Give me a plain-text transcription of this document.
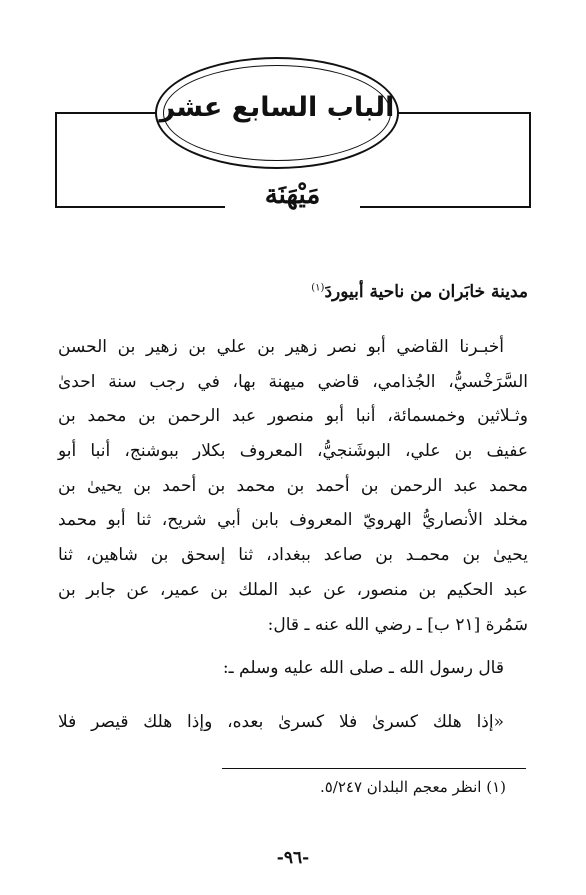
الباب السابع عشر
مَيْهَنَة
مدينة خابَران من ناحية أبيوردَ$^{(١)}$
أخبـرنا القاضي أبو نصر زهير بن علي بن زهير بن الحسن
السَّرَخْسيُّ، الجُذامي، قاضي ميهنة بها، في رجب سنة احدىٰ
وثـلاثين وخمسمائة، أنبا أبو منصور عبد الرحمن بن محمد بن
عفيف بن علي، البوشَنجيُّ، المعروف بكلار ببوشنج، أنبا أبو
محمد عبد الرحمن بن أحمد بن محمد بن أحمد بن يحيىٰ بن
مخلد الأنصاريُّ الهرويّ المعروف بابن أبي شريح، ثنا أبو محمد
يحيىٰ بن محمـد بن صاعد ببغداد، ثنا إسحق بن شاهين، ثنا
عبد الحكيم بن منصور، عن عبد الملك بن عمير، عن جابر بن
سَمُرة [٢١ ب] ـ رضي الله عنه ـ قال:
قال رسول الله ـ صلى الله عليه وسلم ـ:
«إذا هلك كسرىٰ فلا كسرىٰ بعده، وإذا هلك قيصر فلا
(١) انظر معجم البلدان ٥/٢٤٧.
-٩٦-
